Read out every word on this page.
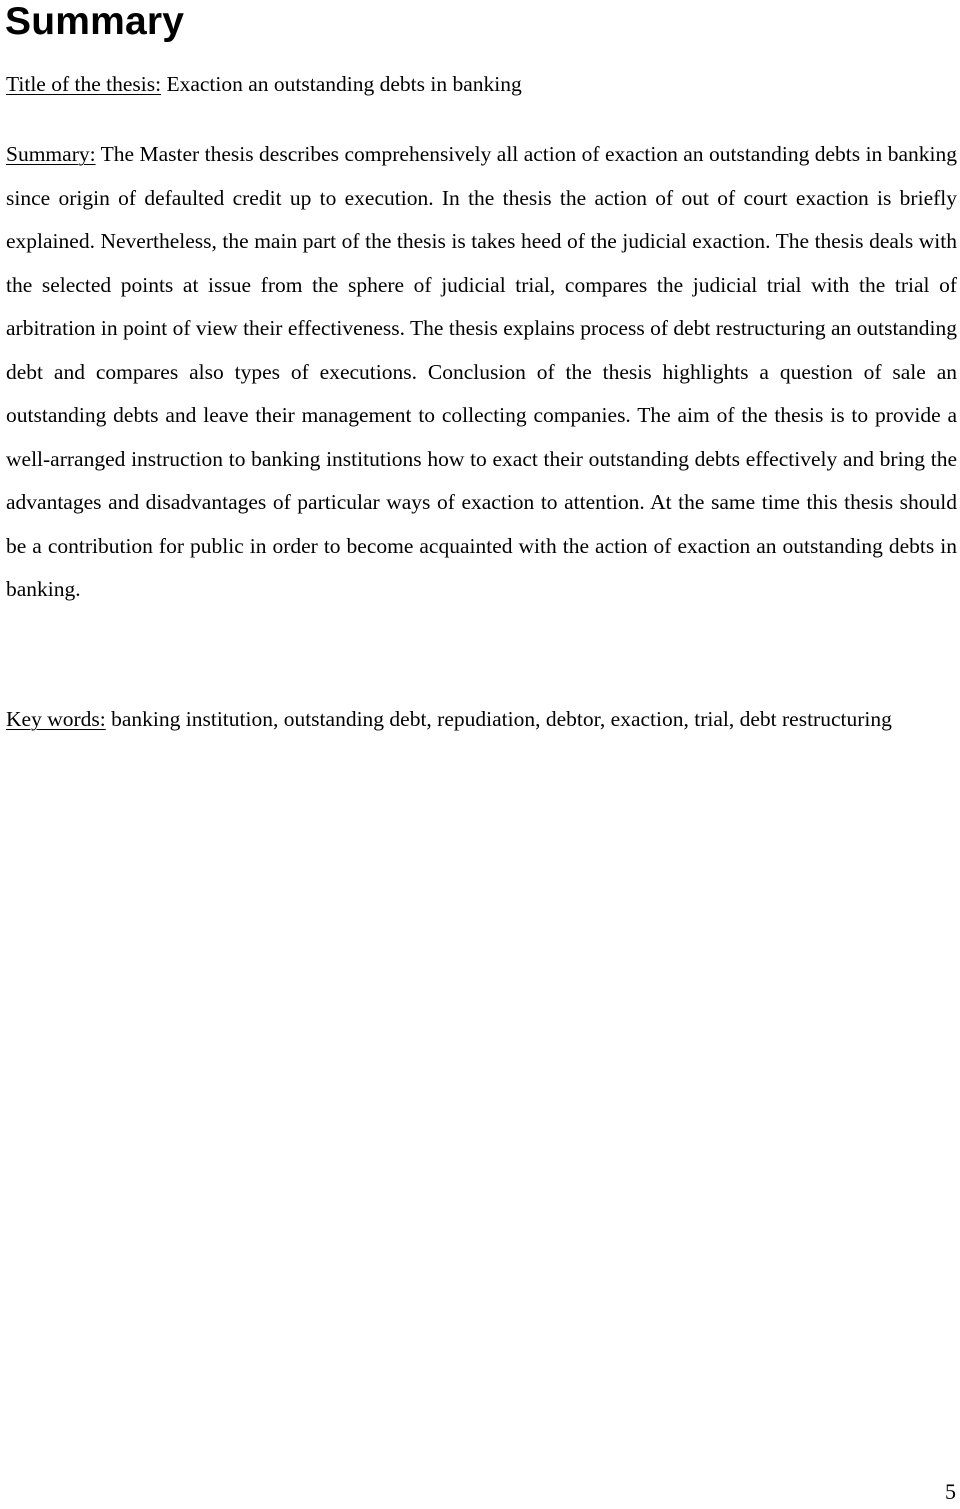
Summary

Title of the thesis: Exaction an outstanding debts in banking

Summary: The Master thesis describes comprehensively all action of exaction an outstanding debts in banking since origin of defaulted credit up to execution. In the thesis the action of out of court exaction is briefly explained. Nevertheless, the main part of the thesis is takes heed of the judicial exaction. The thesis deals with the selected points at issue from the sphere of judicial trial, compares the judicial trial with the trial of arbitration in point of view their effectiveness. The thesis explains process of debt restructuring an outstanding debt and compares also types of executions. Conclusion of the thesis highlights a question of sale an outstanding debts and leave their management to collecting companies. The aim of the thesis is to provide a well-arranged instruction to banking institutions how to exact their outstanding debts effectively and bring the advantages and disadvantages of particular ways of exaction to attention. At the same time this thesis should be a contribution for public in order to become acquainted with the action of exaction an outstanding debts in banking.

Key words: banking institution, outstanding debt, repudiation, debtor, exaction, trial, debt restructuring

5
